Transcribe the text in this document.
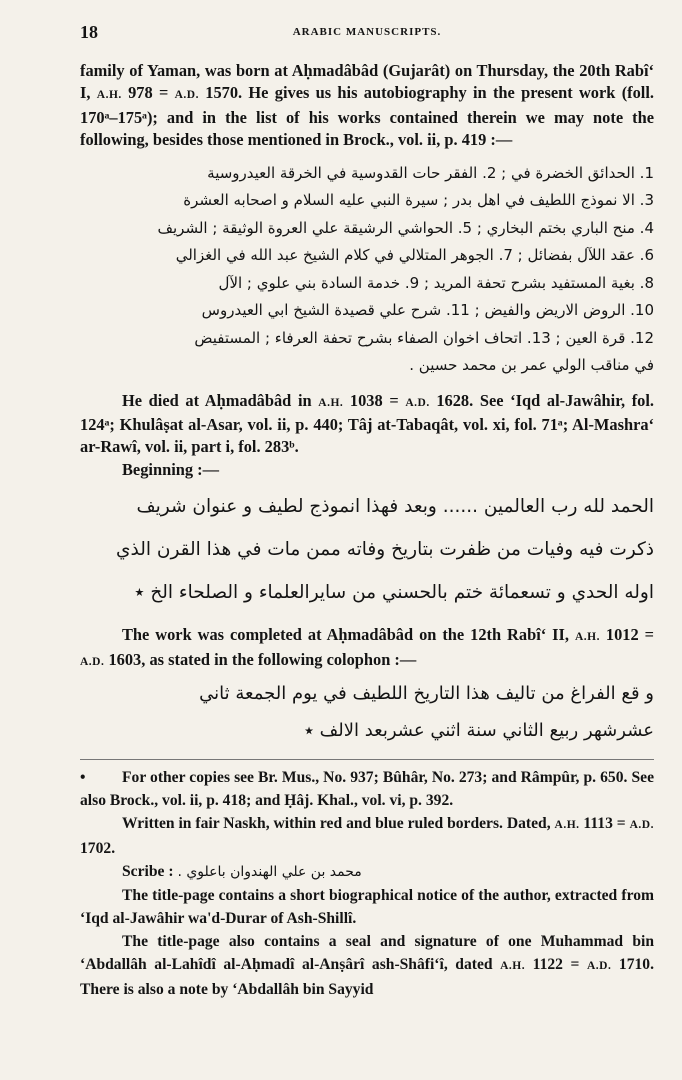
18	ARABIC MANUSCRIPTS.

family of Yaman, was born at Aḥmadâbâd (Gujarât) on Thursday, the 20th Rabîʻ I, A.H. 978 = A.D. 1570. He gives us his autobiography in the present work (foll. 170ᵃ–175ᵃ); and in the list of his works contained therein we may note the following, besides those mentioned in Brock., vol. ii, p. 419 :—

1. الحدائق الخضرة في ; 2. الفقر حات القدوسية في الخرقة العيدروسية
3. الا نموذج اللطيف في اهل بدر ; سيرة النبي عليه السلام و اصحابه العشرة
4. منح الباري بختم البخاري ; 5. الحواشي الرشيقة علي العروة الوثيقة ; الشريف
6. عقد اللآل بفضائل ; 7. الجوهر المتلالي في كلام الشيخ عبد الله في الغزالي
8. بغية المستفيد بشرح تحفة المريد ; 9. خدمة السادة بني علوي ; الآل
10. الروض الاريض والفيض ; 11. شرح علي قصيدة الشيخ ابي العيدروس
12. قرة العين ; 13. اتحاف اخوان الصفاء بشرح تحفة العرفاء ; المستفيض
في مناقب الولي عمر بن محمد حسين .

He died at Aḥmadâbâd in A.H. 1038 = A.D. 1628. See ʻIqd al-Jawâhir, fol. 124ᵃ; Khulâṣat al-Asar, vol. ii, p. 440; Tâj at-Tabaqât, vol. xi, fol. 71ᵃ; Al-Mashraʻ ar-Rawî, vol. ii, part i, fol. 283ᵇ.

Beginning :—

الحمد لله رب العالمين ...... وبعد فهذا انموذج لطيف و عنوان شريف
ذكرت فيه وفيات من ظفرت بتاريخ وفاته ممن مات في هذا القرن الذي
اوله الحدي و تسعمائة ختم بالحسني من سايرالعلماء و الصلحاء الخ ٭

The work was completed at Aḥmadâbâd on the 12th Rabîʻ II, A.H. 1012 = A.D. 1603, as stated in the following colophon :—

و قع الفراغ من تاليف هذا التاريخ اللطيف في يوم الجمعة ثاني
عشرشهر ربيع الثاني سنة اثني عشربعد الالف ٭

• For other copies see Br. Mus., No. 937; Bûhâr, No. 273; and Râmpûr, p. 650. See also Brock., vol. ii, p. 418; and Ḥâj. Khal., vol. vi, p. 392.

Written in fair Naskh, within red and blue ruled borders. Dated, A.H. 1113 = A.D. 1702.

Scribe : محمد بن علي الهندوان باعلوي .

The title-page contains a short biographical notice of the author, extracted from ʻIqd al-Jawâhir wa'd-Durar of Ash-Shillî.

The title-page also contains a seal and signature of one Muhammad bin ʻAbdallâh al-Lahîdî al-Aḥmadî al-Anṣârî ash-Shâfiʻî, dated A.H. 1122 = A.D. 1710. There is also a note by ʻAbdallâh bin Sayyid
